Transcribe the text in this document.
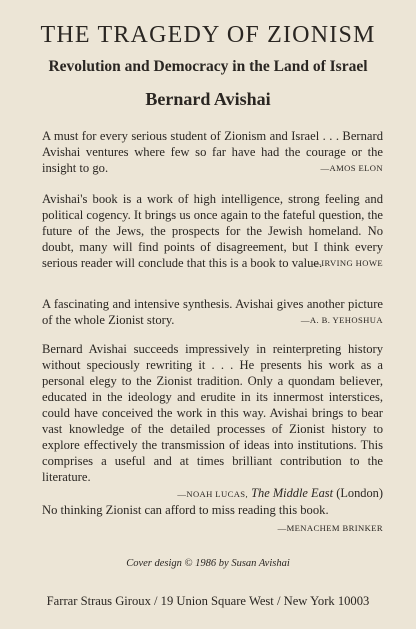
THE TRAGEDY OF ZIONISM
Revolution and Democracy in the Land of Israel
Bernard Avishai

A must for every serious student of Zionism and Israel . . . Bernard Avishai ventures where few so far have had the courage or the insight to go.	—AMOS ELON

Avishai's book is a work of high intelligence, strong feeling and political cogency. It brings us once again to the fateful question, the future of the Jews, the prospects for the Jewish homeland. No doubt, many will find points of disagreement, but I think every serious reader will conclude that this is a book to value.

—IRVING HOWE

A fascinating and intensive synthesis. Avishai gives another picture of the whole Zionist story.	—A. B. YEHOSHUA

Bernard Avishai succeeds impressively in reinterpreting history without speciously rewriting it . . . He presents his work as a personal elegy to the Zionist tradition. Only a quondam believer, educated in the ideology and erudite in its innermost interstices, could have conceived the work in this way. Avishai brings to bear vast knowledge of the detailed processes of Zionist history to explore effectively the transmission of ideas into institutions. This comprises a useful and at times brilliant contribution to the literature.

—NOAH LUCAS, The Middle East (London)

No thinking Zionist can afford to miss reading this book.

—MENACHEM BRINKER

Cover design © 1986 by Susan Avishai

Farrar Straus Giroux / 19 Union Square West / New York 10003
